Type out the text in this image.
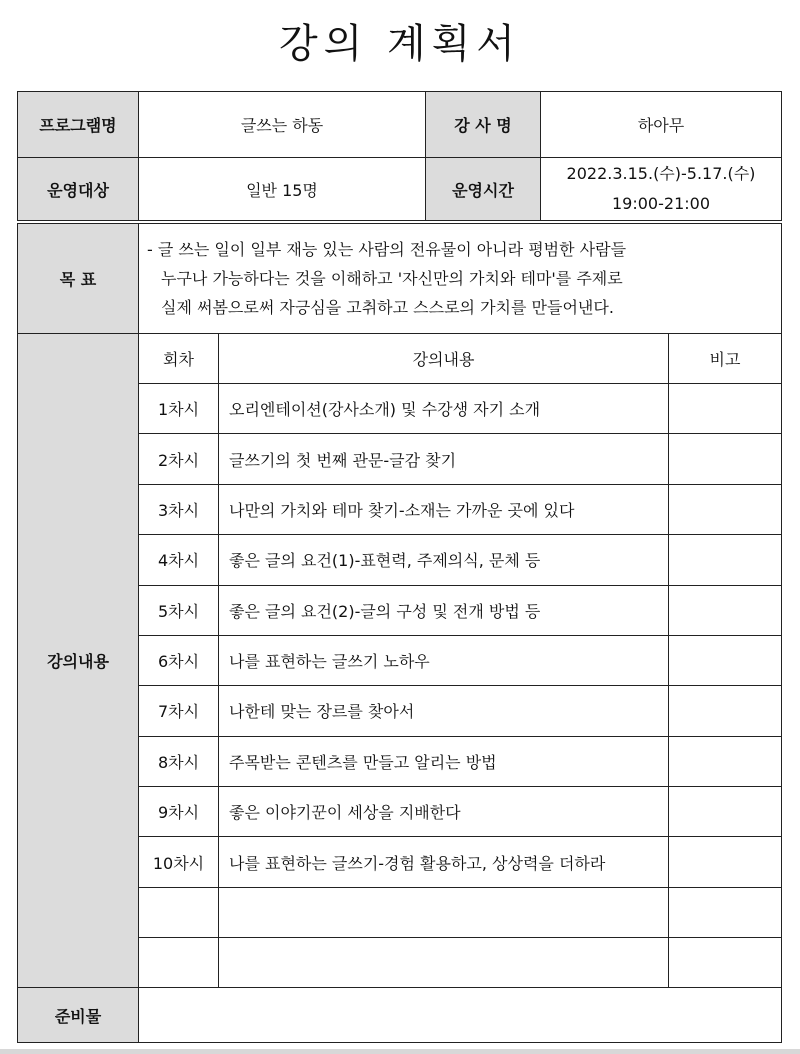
강의 계획서
프로그램명	글쓰는 하동		강 사 명	하아무	
운영대상	일반 15명		운영시간	2022.3.15.(수)-5.17.(수)
19:00-21:00	

목 표	- 글 쓰는 일이 일부 재능 있는 사람의 전유물이 아니라 평범한 사람들
누구나 가능하다는 것을 이해하고 '자신만의 가치와 테마'를 주제로
실제 써봄으로써 자긍심을 고취하고 스스로의 가치를 만들어낸다.				

강의내용	회차	강의내용			비고
	1차시	오리엔테이션(강사소개) 및 수강생 자기 소개			
	2차시	글쓰기의 첫 번째 관문-글감 찾기			
	3차시	나만의 가치와 테마 찾기-소재는 가까운 곳에 있다			
	4차시	좋은 글의 요건(1)-표현력, 주제의식, 문체 등			
	5차시	좋은 글의 요건(2)-글의 구성 및 전개 방법 등			
	6차시	나를 표현하는 글쓰기 노하우			
	7차시	나한테 맞는 장르를 찾아서			
	8차시	주목받는 콘텐츠를 만들고 알리는 방법			
	9차시	좋은 이야기꾼이 세상을 지배한다			
	10차시	나를 표현하는 글쓰기-경험 활용하고, 상상력을 더하라			

준비물					
